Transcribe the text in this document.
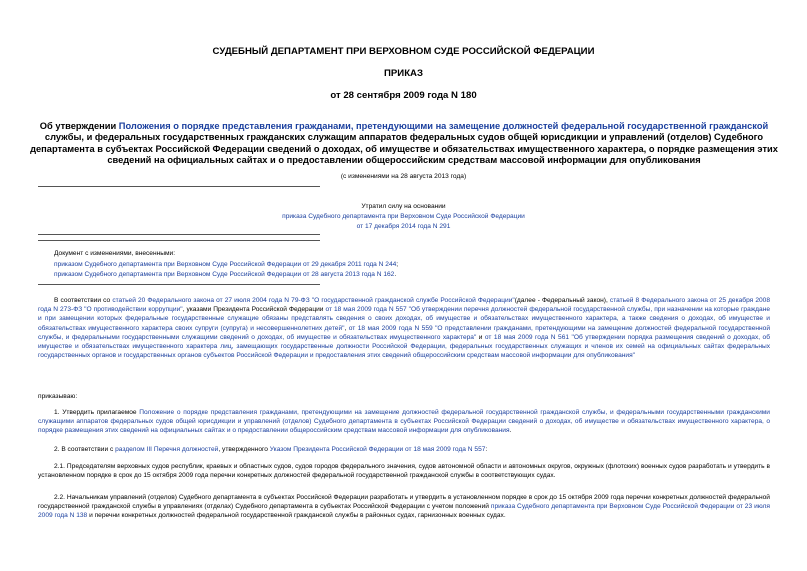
СУДЕБНЫЙ ДЕПАРТАМЕНТ ПРИ ВЕРХОВНОМ СУДЕ РОССИЙСКОЙ ФЕДЕРАЦИИ
ПРИКАЗ
от 28 сентября 2009 года N 180
Об утверждении Положения о порядке представления гражданами, претендующими на замещение должностей федеральной государственной гражданской службы, и федеральных государственных гражданских служащим аппаратов федеральных судов общей юрисдикции и управлений (отделов) Судебного департамента в субъектах Российской Федерации сведений о доходах, об имуществе и обязательствах имущественного характера, о порядке размещения этих сведений на официальных сайтах и о предоставлении общероссийским средствам массовой информации для опубликования
(с изменениями на 28 августа 2013 года)
Утратил силу на основании
приказа Судебного департамента при Верховном Суде Российской Федерации
от 17 декабря 2014 года N 291
Документ с изменениями, внесенными:
приказом Судебного департамента при Верховном Суде Российской Федерации от 29 декабря 2011 года N 244;
приказом Судебного департамента при Верховном Суде Российской Федерации от 28 августа 2013 года N 162.
В соответствии со статьей 20 Федерального закона от 27 июля 2004 года N 79-ФЗ "О государственной гражданской службе Российской Федерации"(далее - Федеральный закон), статьей 8 Федерального закона от 25 декабря 2008 года N 273-ФЗ "О противодействии коррупции", указами Президента Российской Федерации от 18 мая 2009 года N 557 "Об утверждении перечня должностей федеральной государственной службы, при назначении на которые граждане и при замещении которых федеральные государственные служащие обязаны представлять сведения о своих доходах, об имуществе и обязательствах имущественного характера, а также сведения о доходах, об имуществе и обязательствах имущественного характера своих супруги (супруга) и несовершеннолетних детей", от 18 мая 2009 года N 559 "О представлении гражданами, претендующими на замещение должностей федеральной государственной службы, и федеральными государственными служащими сведений о доходах, об имуществе и обязательствах имущественного характера" и от 18 мая 2009 года N 561 "Об утверждении порядка размещения сведений о доходах, об имуществе и обязательствах имущественного характера лиц, замещающих государственные должности Российской Федерации, федеральных государственных служащих и членов их семей на официальных сайтах федеральных государственных органов и государственных органов субъектов Российской Федерации и предоставления этих сведений общероссийским средствам массовой информации для опубликования"
приказываю:
1. Утвердить прилагаемое Положение о порядке представления гражданами, претендующими на замещение должностей федеральной государственной гражданской службы, и федеральными государственными гражданскими служащими аппаратов федеральных судов общей юрисдикции и управлений (отделов) Судебного департамента в субъектах Российской Федерации сведений о доходах, об имуществе и обязательствах имущественного характера, о порядке размещения этих сведений на официальных сайтах и о предоставлении общероссийским средствам массовой информации для опубликования.
2. В соответствии с разделом III Перечня должностей, утвержденного Указом Президента Российской Федерации от 18 мая 2009 года N 557:
2.1. Председателям верховных судов республик, краевых и областных судов, судов городов федерального значения, судов автономной области и автономных округов, окружных (флотских) военных судов разработать и утвердить в установленном порядке в срок до 15 октября 2009 года перечни конкретных должностей федеральной государственной гражданской службы в соответствующих судах.
2.2. Начальникам управлений (отделов) Судебного департамента в субъектах Российской Федерации разработать и утвердить в установленном порядке в срок до 15 октября 2009 года перечни конкретных должностей федеральной государственной гражданской службы в управлениях (отделах) Судебного департамента в субъектах Российской Федерации с учетом положений приказа Судебного департамента при Верховном Суде Российской Федерации от 23 июля 2009 года N 138 и перечни конкретных должностей федеральной государственной гражданской службы в районных судах, гарнизонных военных судах.
